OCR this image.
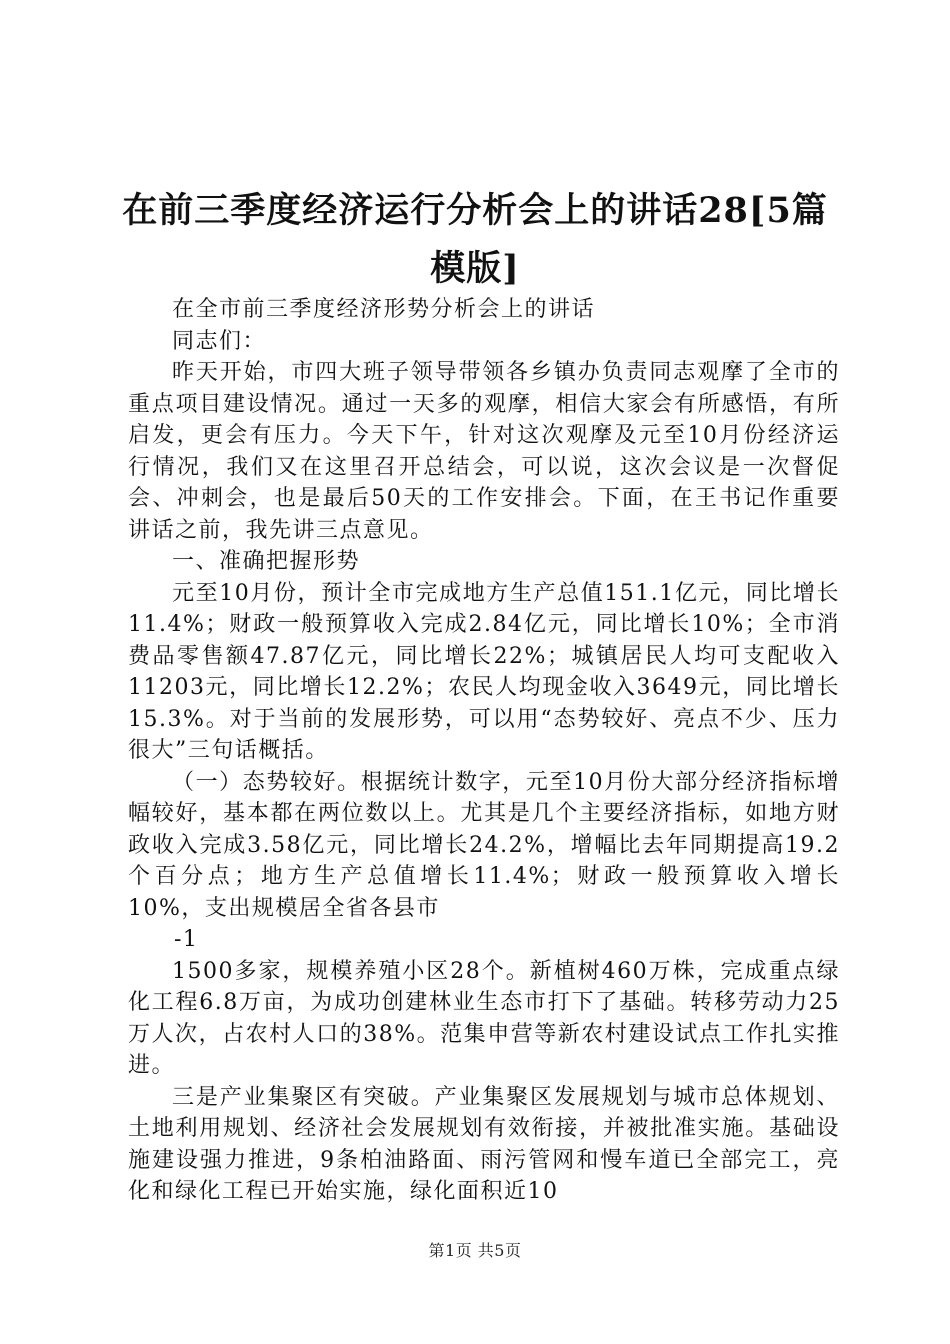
在前三季度经济运行分析会上的讲话28[5篇模版]

在全市前三季度经济形势分析会上的讲话

同志们：

昨天开始，市四大班子领导带领各乡镇办负责同志观摩了全市的重点项目建设情况。通过一天多的观摩，相信大家会有所感悟，有所启发，更会有压力。今天下午，针对这次观摩及元至10月份经济运行情况，我们又在这里召开总结会，可以说，这次会议是一次督促会、冲刺会，也是最后50天的工作安排会。下面，在王书记作重要讲话之前，我先讲三点意见。

一、准确把握形势

元至10月份，预计全市完成地方生产总值151.1亿元，同比增长11.4%；财政一般预算收入完成2.84亿元，同比增长10%；全市消费品零售额47.87亿元，同比增长22%；城镇居民人均可支配收入11203元，同比增长12.2%；农民人均现金收入3649元，同比增长15.3%。对于当前的发展形势，可以用“态势较好、亮点不少、压力很大”三句话概括。

（一）态势较好。根据统计数字，元至10月份大部分经济指标增幅较好，基本都在两位数以上。尤其是几个主要经济指标，如地方财政收入完成3.58亿元，同比增长24.2%，增幅比去年同期提高19.2个百分点；地方生产总值增长11.4%；财政一般预算收入增长10%，支出规模居全省各县市

-1

1500多家，规模养殖小区28个。新植树460万株，完成重点绿化工程6.8万亩，为成功创建林业生态市打下了基础。转移劳动力25万人次，占农村人口的38%。范集申营等新农村建设试点工作扎实推进。

三是产业集聚区有突破。产业集聚区发展规划与城市总体规划、土地利用规划、经济社会发展规划有效衔接，并被批准实施。基础设施建设强力推进，9条柏油路面、雨污管网和慢车道已全部完工，亮化和绿化工程已开始实施，绿化面积近10

第1页 共5页
